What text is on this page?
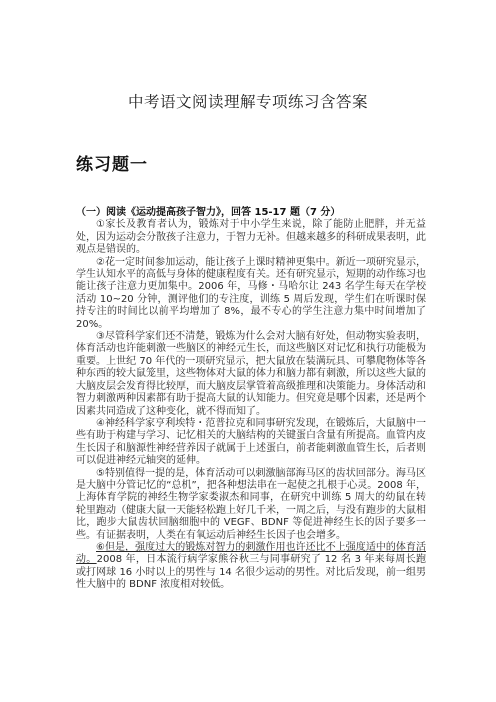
中考语文阅读理解专项练习含答案
练习题一
（一）阅读《运动提高孩子智力》，回答 15-17 题（7 分）

①家长及教育者认为，锻炼对于中小学生来说，除了能防止肥胖，并无益处，因为运动会分散孩子注意力，于智力无补。但越来越多的科研成果表明，此观点是错误的。

②花一定时间参加运动，能让孩子上课时精神更集中。新近一项研究显示，学生认知水平的高低与身体的健康程度有关。还有研究显示，短期的动作练习也能让孩子注意力更加集中。2006 年，马修・马哈尔让 243 名学生每天在学校活动 10~20 分钟，测评他们的专注度，训练 5 周后发现，学生们在听课时保持专注的时间比以前平均增加了 8%，最不专心的学生注意力集中时间增加了 20%。

③尽管科学家们还不清楚，锻炼为什么会对大脑有好处，但动物实验表明，体育活动也许能刺激一些脑区的神经元生长，而这些脑区对记忆和执行功能极为重要。上世纪 70 年代的一项研究显示，把大鼠放在装满玩具、可攀爬物体等各种东西的较大鼠笼里，这些物体对大鼠的体力和脑力都有刺激，所以这些大鼠的大脑皮层会发育得比较厚，而大脑皮层掌管着高级推理和决策能力。身体活动和智力刺激两种因素都有助于提高大鼠的认知能力。但究竟是哪个因素，还是两个因素共同造成了这种变化，就不得而知了。

④神经科学家亨利埃特・范普拉克和同事研究发现，在锻炼后，大鼠脑中一些有助于构建与学习、记忆相关的大脑结构的关键蛋白含量有所提高。血管内皮生长因子和脑源性神经营养因子就属于上述蛋白，前者能刺激血管生长，后者则可以促进神经元轴突的延伸。

⑤特别值得一提的是，体育活动可以刺激脑部海马区的齿状回部分。海马区是大脑中分管记忆的“总机”，把各种想法串在一起使之扎根于心灵。2008 年，上海体育学院的神经生物学家娄淑杰和同事，在研究中训练 5 周大的幼鼠在转轮里跑动（健康大鼠一天能轻松跑上好几千米，一周之后，与没有跑步的大鼠相比，跑步大鼠齿状回脑细胞中的 VEGF、BDNF 等促进神经生长的因子要多一些。有证据表明，人类在有氧运动后神经生长因子也会增多。

⑥但是，强度过大的锻炼对智力的刺激作用也许还比不上强度适中的体育活动。2008 年，日本流行病学家熊谷秋三与同事研究了 12 名 3 年来每周长跑或打网球 16 小时以上的男性与 14 名很少运动的男性。对比后发现，前一组男性大脑中的 BDNF 浓度相对较低。
